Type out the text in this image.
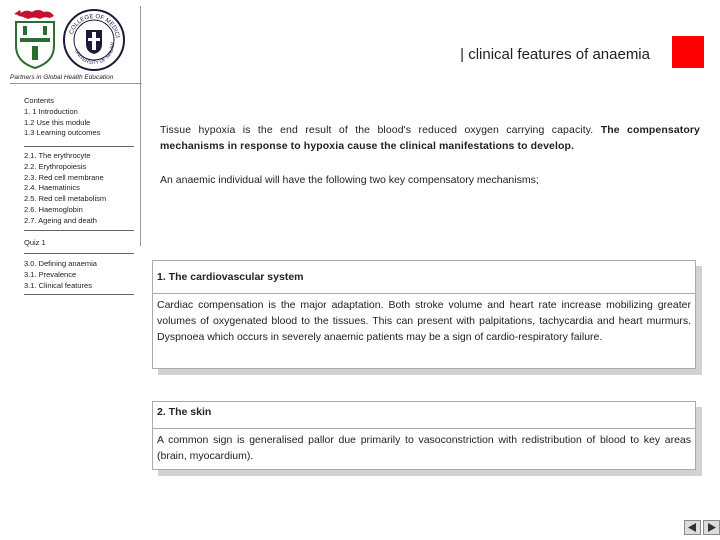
COLLEGE OF MEDICI
UNIVERSITY OF MALAW
Partners in Global Health Education
Contents
1. 1 Introduction
1.2 Use this module
1.3 Learning outcomes
2.1. The erythrocyte
2.2. Erythropoiesis
2.3. Red cell membrane
2.4. Haematinics
2.5. Red cell metabolism
2.6. Haemoglobin
2.7. Ageing and death
Quiz 1
3.0. Defining anaemia
3.1. Prevalence
3.1. Clinical features
| clinical features of anaemia

Tissue hypoxia is the end result of the blood's reduced oxygen carrying capacity. The compensatory mechanisms in response to hypoxia cause the clinical manifestations to develop.

An anaemic individual will have the following two key compensatory mechanisms;
1. The cardiovascular system
Cardiac compensation is the major adaptation. Both stroke volume and heart rate increase mobilizing greater volumes of oxygenated blood to the tissues. This can present with palpitations, tachycardia and heart murmurs. Dyspnoea which occurs in severely anaemic patients may be a sign of cardio-respiratory failure.
2. The skin
A common sign is generalised pallor due primarily to vasoconstriction with redistribution of blood to key areas (brain, myocardium).
